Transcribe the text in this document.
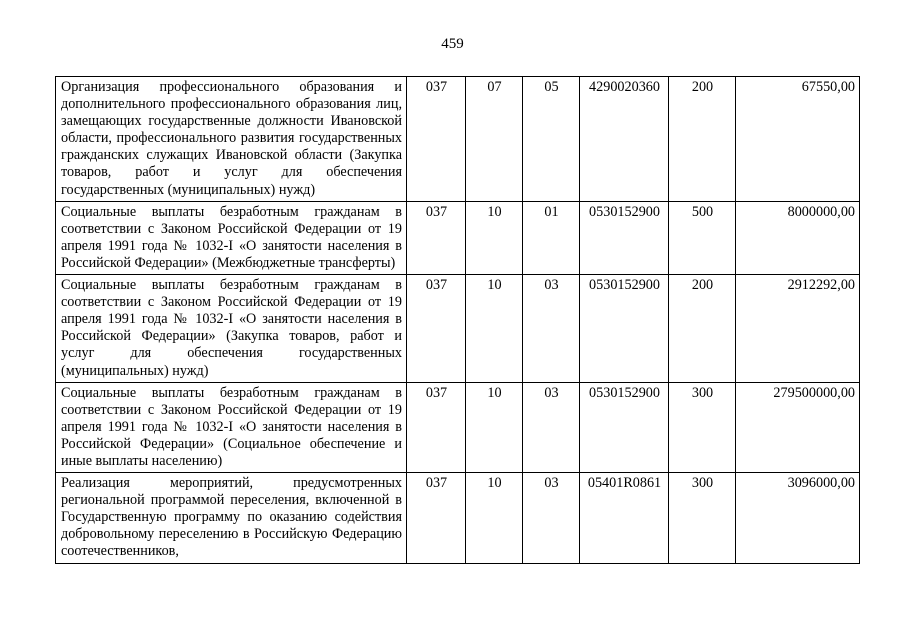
459
Организация профессионального образования и дополнительного профессионального образования лиц, замещающих государственные должности Ивановской области, профессионального развития государственных гражданских служащих Ивановской области (Закупка товаров, работ и услуг для обеспечения государственных (муниципальных) нужд)	037	07	05	4290020360	200	67550,00
Социальные выплаты безработным гражданам в соответствии с Законом Российской Федерации от 19 апреля 1991 года № 1032-I «О занятости населения в Российской Федерации» (Межбюджетные трансферты)	037	10	01	0530152900	500	8000000,00
Социальные выплаты безработным гражданам в соответствии с Законом Российской Федерации от 19 апреля 1991 года № 1032-I «О занятости населения в Российской Федерации» (Закупка товаров, работ и услуг для обеспечения государственных (муниципальных) нужд)	037	10	03	0530152900	200	2912292,00
Социальные выплаты безработным гражданам в соответствии с Законом Российской Федерации от 19 апреля 1991 года № 1032-I «О занятости населения в Российской Федерации» (Социальное обеспечение и иные выплаты населению)	037	10	03	0530152900	300	279500000,00
Реализация мероприятий, предусмотренных региональной программой переселения, включенной в Государственную программу по оказанию содействия добровольному переселению в Российскую Федерацию соотечественников,	037	10	03	05401R0861	300	3096000,00
